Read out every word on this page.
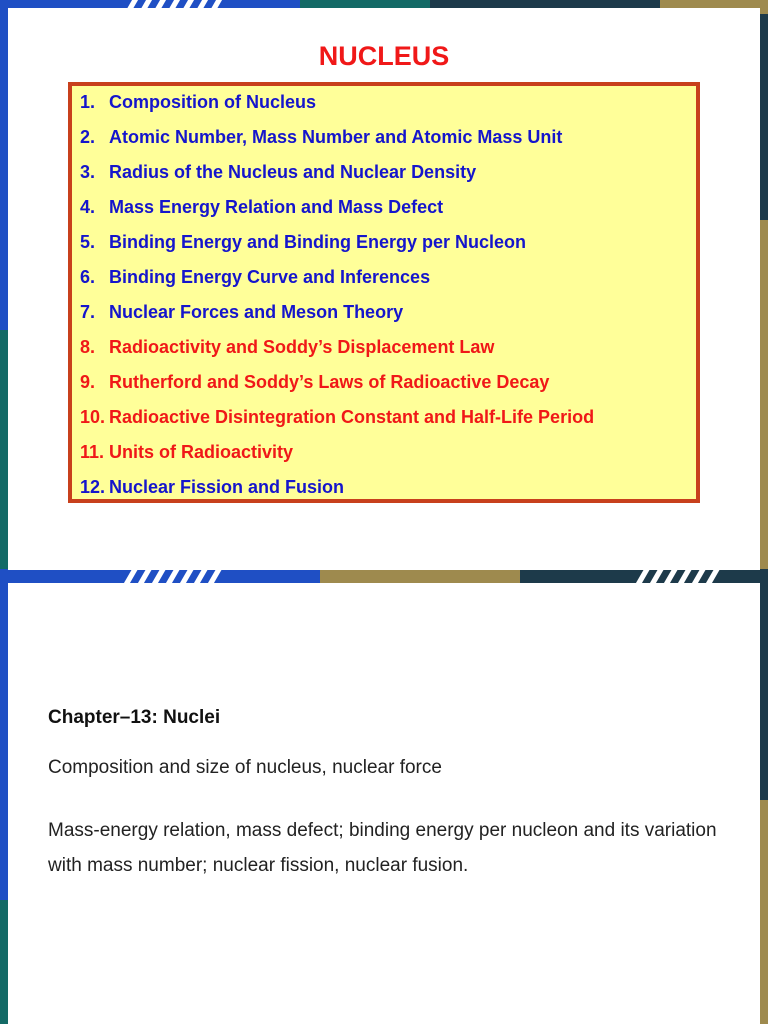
NUCLEUS
1. Composition of Nucleus
2. Atomic Number, Mass Number and Atomic Mass Unit
3. Radius of the Nucleus and Nuclear Density
4. Mass Energy Relation and Mass Defect
5. Binding Energy and Binding Energy per Nucleon
6. Binding Energy Curve and Inferences
7. Nuclear Forces and Meson Theory
8. Radioactivity and Soddy’s Displacement Law
9. Rutherford and Soddy’s Laws of Radioactive Decay
10. Radioactive Disintegration Constant and Half-Life Period
11. Units of Radioactivity
12. Nuclear Fission and Fusion
Chapter–13: Nuclei
Composition and size of nucleus, nuclear force
Mass-energy relation, mass defect; binding energy per nucleon and its variation with mass number; nuclear fission, nuclear fusion.
